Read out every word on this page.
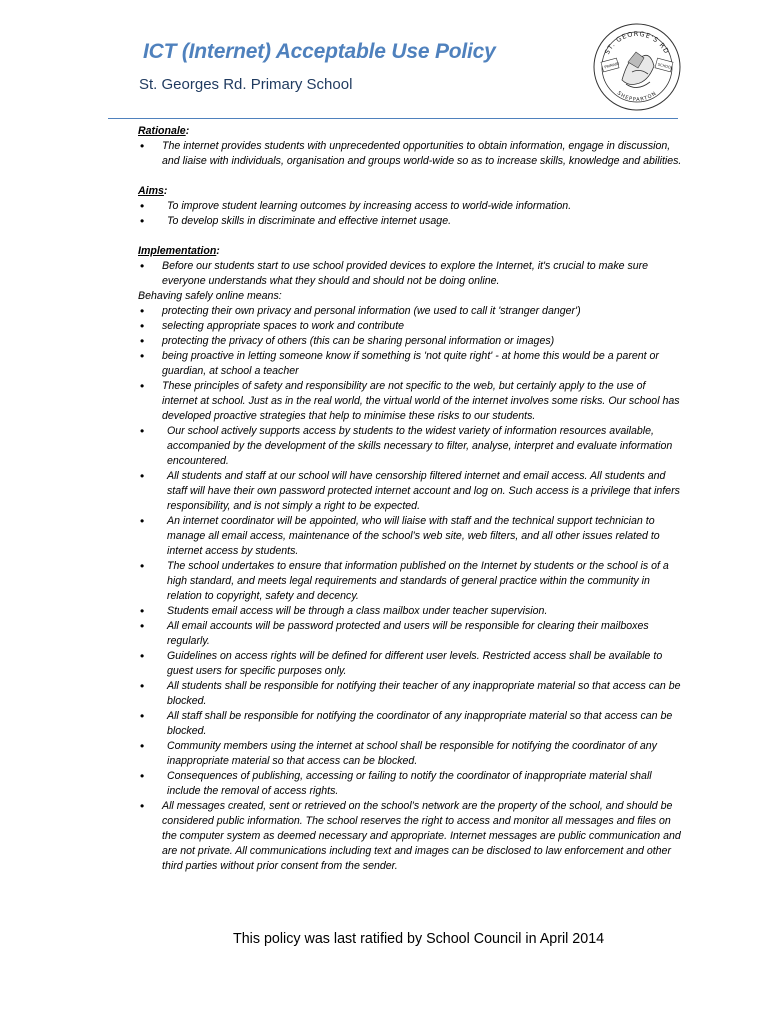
ICT (Internet) Acceptable Use Policy
St. Georges Rd. Primary School
ST. GEORGE'S RD
SHEPPARTON
PRIMARY	SCHOOL
Rationale:
• The internet provides students with unprecedented opportunities to obtain information, engage in discussion, and liaise with individuals, organisation and groups world-wide so as to increase skills, knowledge and abilities.
Aims:
• To improve student learning outcomes by increasing access to world-wide information.
• To develop skills in discriminate and effective internet usage.
Implementation:
• Before our students start to use school provided devices to explore the Internet, it's crucial to make sure everyone understands what they should and should not be doing online.
Behaving safely online means:
• protecting their own privacy and personal information (we used to call it 'stranger danger')
• selecting appropriate spaces to work and contribute
• protecting the privacy of others (this can be sharing personal information or images)
• being proactive in letting someone know if something is 'not quite right' - at home this would be a parent or guardian, at school a teacher
• These principles of safety and responsibility are not specific to the web, but certainly apply to the use of internet at school. Just as in the real world, the virtual world of the internet involves some risks. Our school has developed proactive strategies that help to minimise these risks to our students.
• Our school actively supports access by students to the widest variety of information resources available, accompanied by the development of the skills necessary to filter, analyse, interpret and evaluate information encountered.
• All students and staff at our school will have censorship filtered internet and email access. All students and staff will have their own password protected internet account and log on. Such access is a privilege that infers responsibility, and is not simply a right to be expected.
• An internet coordinator will be appointed, who will liaise with staff and the technical support technician to manage all email access, maintenance of the school’s web site, web filters, and all other issues related to internet access by students.
• The school undertakes to ensure that information published on the Internet by students or the school is of a high standard, and meets legal requirements and standards of general practice within the community in relation to copyright, safety and decency.
• Students email access will be through a class mailbox under teacher supervision.
• All email accounts will be password protected and users will be responsible for clearing their mailboxes regularly.
• Guidelines on access rights will be defined for different user levels. Restricted access shall be available to guest users for specific purposes only.
• All students shall be responsible for notifying their teacher of any inappropriate material so that access can be blocked.
• All staff shall be responsible for notifying the coordinator of any inappropriate material so that access can be blocked.
• Community members using the internet at school shall be responsible for notifying the coordinator of any inappropriate material so that access can be blocked.
• Consequences of publishing, accessing or failing to notify the coordinator of inappropriate material shall include the removal of access rights.
• All messages created, sent or retrieved on the school’s network are the property of the school, and should be considered public information. The school reserves the right to access and monitor all messages and files on the computer system as deemed necessary and appropriate. Internet messages are public communication and are not private. All communications including text and images can be disclosed to law enforcement and other third parties without prior consent from the sender.
This policy was last ratified by School Council in April 2014
